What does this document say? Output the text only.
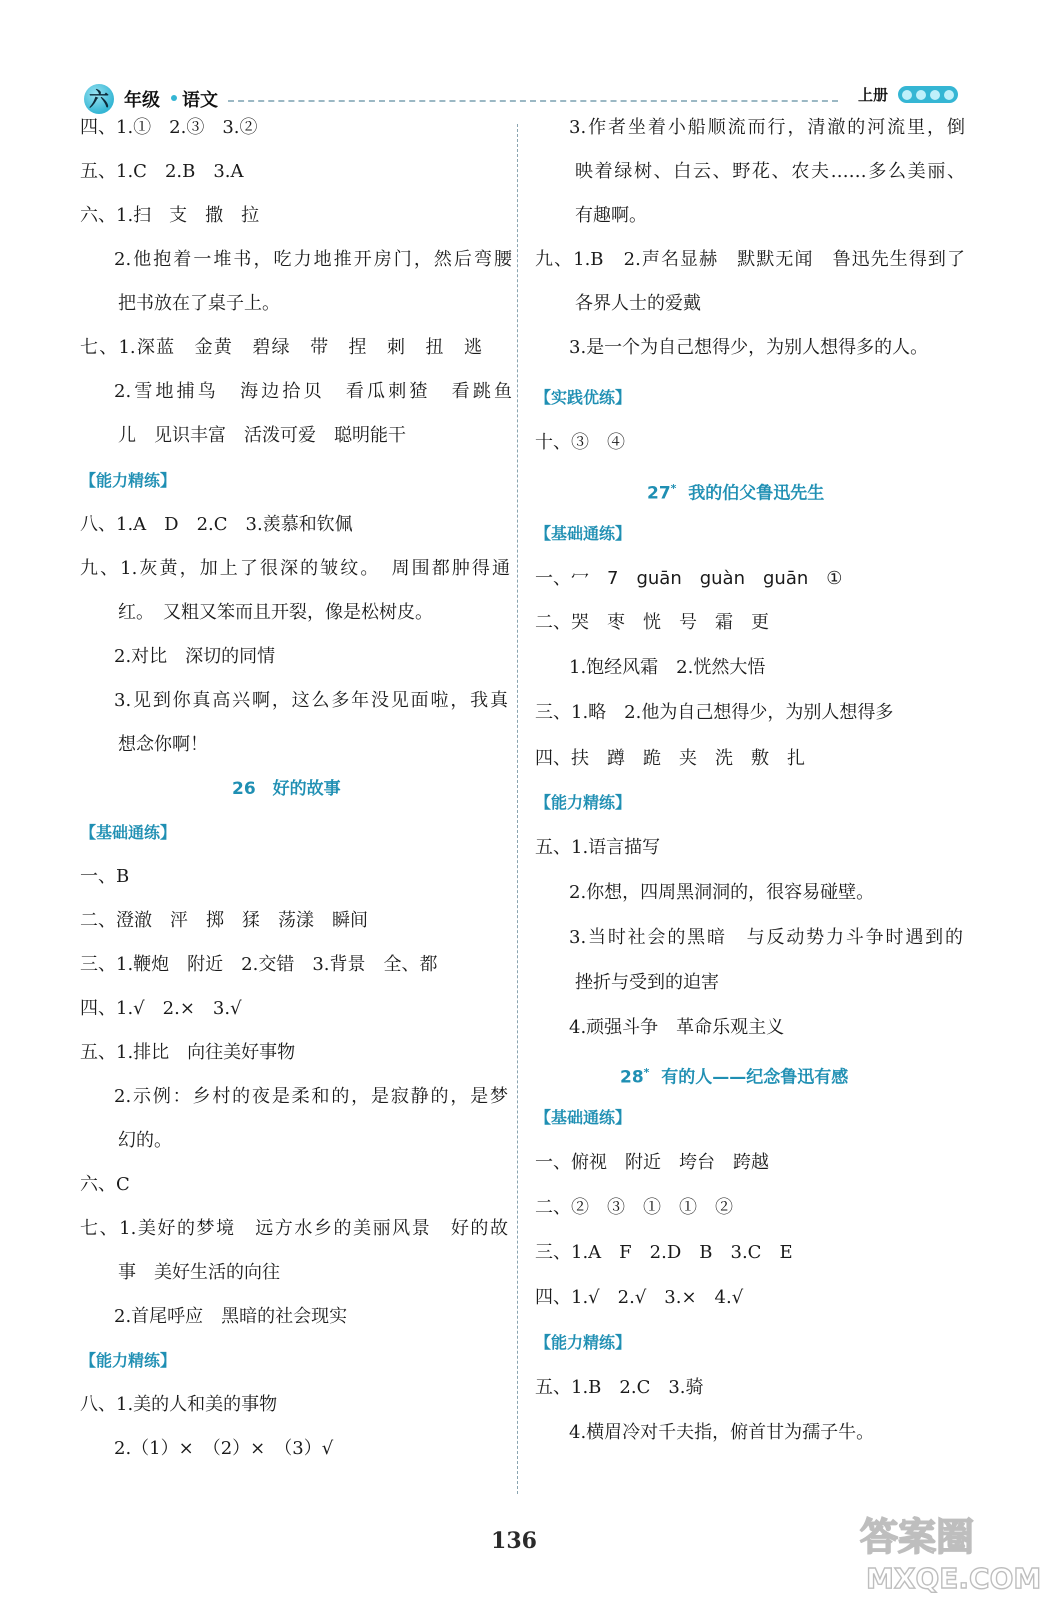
六 年级 语文	上册
四、1.①　2.③　3.②
五、1.C　2.B　3.A
六、1.扫　支　撒　拉
2.他抱着一堆书，吃力地推开房门，然后弯腰
把书放在了桌子上。
七、1.深蓝　金黄　碧绿　带　捏　刺　扭　逃
2.雪地捕鸟　海边拾贝　看瓜刺猹　看跳鱼
儿　见识丰富　活泼可爱　聪明能干
【能力精练】
八、1.A　D　2.C　3.羡慕和钦佩
九、1.灰黄，加上了很深的皱纹。　周围都肿得通
红。　又粗又笨而且开裂，像是松树皮。
2.对比　深切的同情
3.见到你真高兴啊，这么多年没见面啦，我真
想念你啊！
26　好的故事
【基础通练】
一、B
二、澄澈　泙　掷　猱　荡漾　瞬间
三、1.鞭炮　附近　2.交错　3.背景　全、都
四、1.√　2.×　3.√
五、1.排比　向往美好事物
2.示例：乡村的夜是柔和的，是寂静的，是梦
幻的。
六、C
七、1.美好的梦境　远方水乡的美丽风景　好的故
事　美好生活的向往
2.首尾呼应　黑暗的社会现实
【能力精练】
八、1.美的人和美的事物
2.（1）×　（2）×　（3）√
3.作者坐着小船顺流而行，清澈的河流里，倒
映着绿树、白云、野花、农夫……多么美丽、
有趣啊。
九、1.B　2.声名显赫　默默无闻　鲁迅先生得到了
各界人士的爱戴
3.是一个为自己想得少，为别人想得多的人。
【实践优练】
十、③　④
27* 我的伯父鲁迅先生
【基础通练】
一、冖　7　guān　guàn　guān　①
二、哭　枣　恍　号　霜　更
1.饱经风霜　2.恍然大悟
三、1.略　2.他为自己想得少，为别人想得多
四、扶　蹲　跪　夹　洗　敷　扎
【能力精练】
五、1.语言描写
2.你想，四周黑洞洞的，很容易碰壁。
3.当时社会的黑暗　与反动势力斗争时遇到的
挫折与受到的迫害
4.顽强斗争　革命乐观主义
28* 有的人——纪念鲁迅有感
【基础通练】
一、俯视　附近　垮台　跨越
二、②　③　①　①　②
三、1.A　F　2.D　B　3.C　E
四、1.√　2.√　3.×　4.√
【能力精练】
五、1.B　2.C　3.骑
4.横眉冷对千夫指，俯首甘为孺子牛。
136	答案圈
MXQE.COM
